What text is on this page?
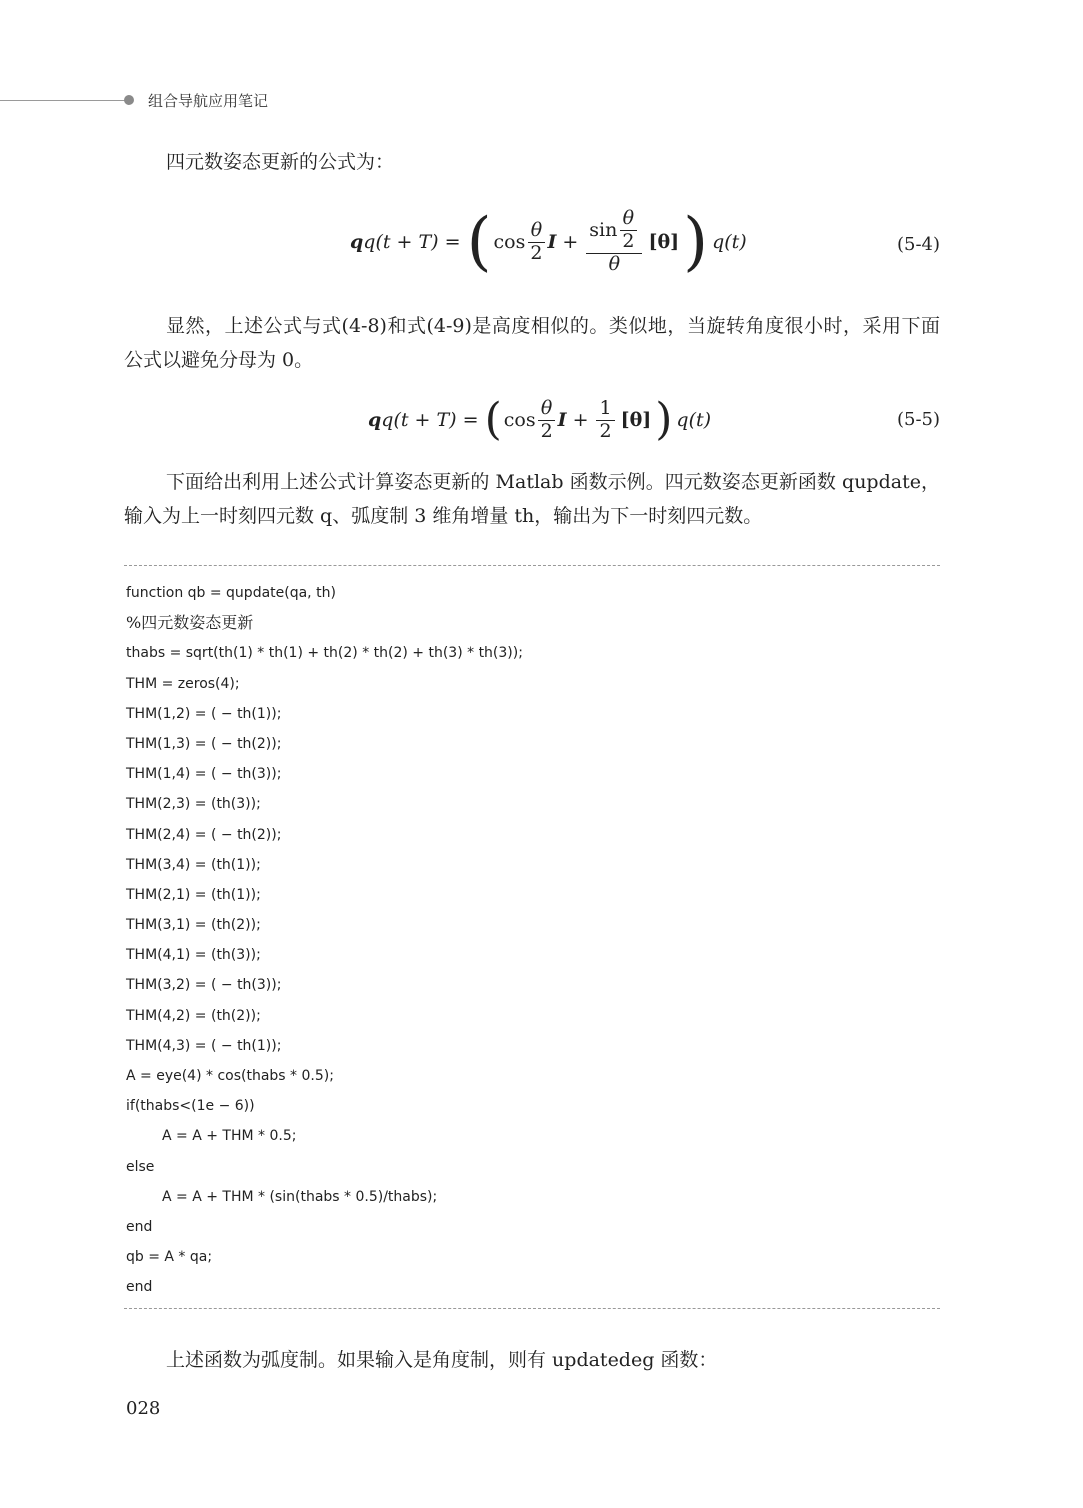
组合导航应用笔记
四元数姿态更新的公式为：
qq(t + T) = ( $\cos \frac{\theta}{2}$ $I + \frac{\sin \frac{\theta}{2}}{\theta} [\theta]$ ) q(t)	(5-4)
显然，上述公式与式(4-8)和式(4-9)是高度相似的。类似地，当旋转角度很小时，采用下面公式以避免分母为 0。
qq(t + T) = ( $\cos \frac{\theta}{2}$ $I + \frac{1}{2} [\theta]$ ) q(t)	(5-5)
下面给出利用上述公式计算姿态更新的 Matlab 函数示例。四元数姿态更新函数 qupdate，输入为上一时刻四元数 q、弧度制 3 维角增量 th，输出为下一时刻四元数。
function qb = qupdate(qa, th)
%四元数姿态更新
thabs = sqrt(th(1) * th(1) + th(2) * th(2) + th(3) * th(3));
THM = zeros(4);
THM(1,2) = ( − th(1));
THM(1,3) = ( − th(2));
THM(1,4) = ( − th(3));
THM(2,3) = (th(3));
THM(2,4) = ( − th(2));
THM(3,4) = (th(1));
THM(2,1) = (th(1));
THM(3,1) = (th(2));
THM(4,1) = (th(3));
THM(3,2) = ( − th(3));
THM(4,2) = (th(2));
THM(4,3) = ( − th(1));
A = eye(4) * cos(thabs * 0.5);
if(thabs<(1e − 6))
A = A + THM * 0.5;
else
A = A + THM * (sin(thabs * 0.5)/thabs);
end
qb = A * qa;
end
上述函数为弧度制。如果输入是角度制，则有 updatedeg 函数：
028
